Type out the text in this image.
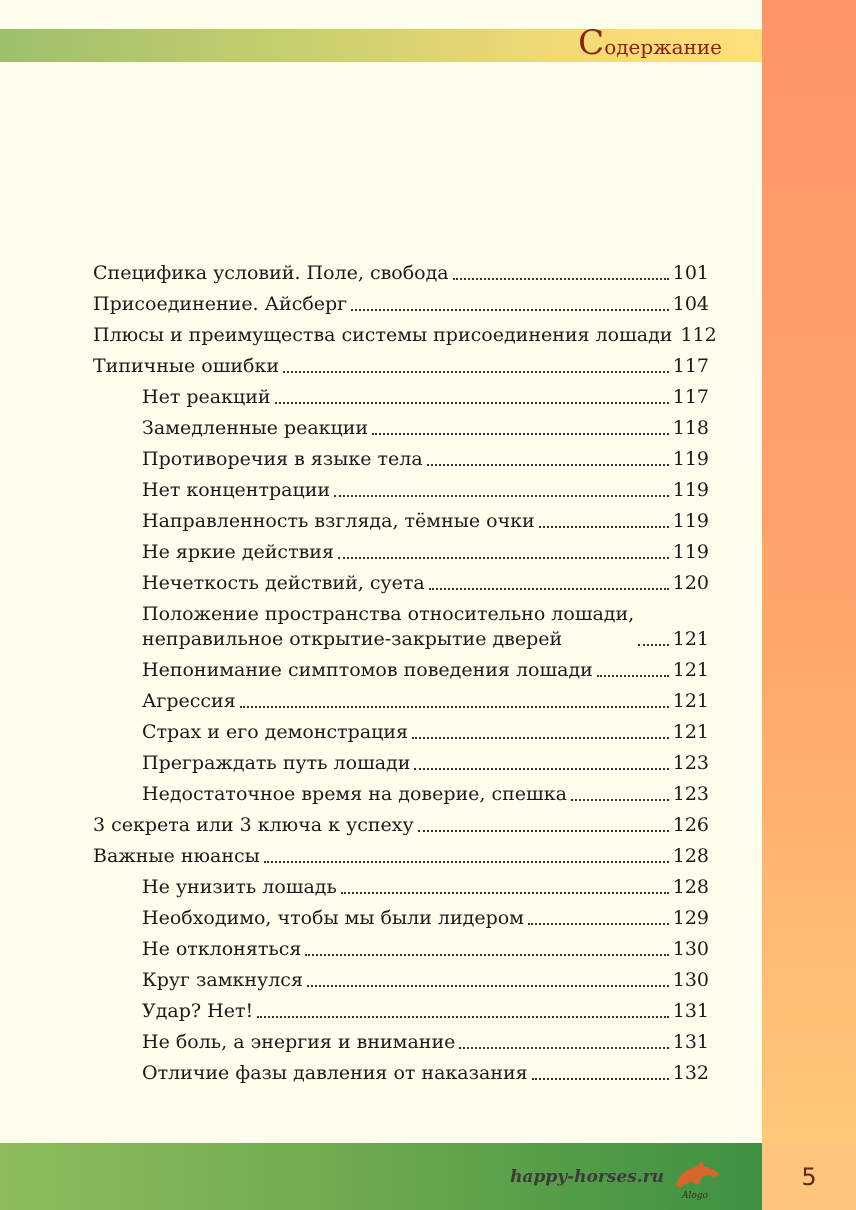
С одержание
Специфика условий. Поле, свобода	101
Присоединение. Айсберг	104
Плюсы и преимущества системы присоединения лошади 112
Типичные ошибки	117
Нет реакций	117
Замедленные реакции	118
Противоречия в языке тела	119
Нет концентрации	119
Направленность взгляда, тёмные очки	119
Не яркие действия	119
Нечеткость действий, суета	120
Положение пространства относительно лошади,
неправильное открытие-закрытие дверей	121
Непонимание симптомов поведения лошади	121
Агрессия	121
Страх и его демонстрация	121
Преграждать путь лошади	123
Недостаточное время на доверие, спешка	123
3 секрета или 3 ключа к успеху	126
Важные нюансы	128
Не унизить лошадь	128
Необходимо, чтобы мы были лидером	129
Не отклоняться	130
Круг замкнулся	130
Удар? Нет!	131
Не боль, а энергия и внимание	131
Отличие фазы давления от наказания	132
happy-horses.ru
Alogo
5
